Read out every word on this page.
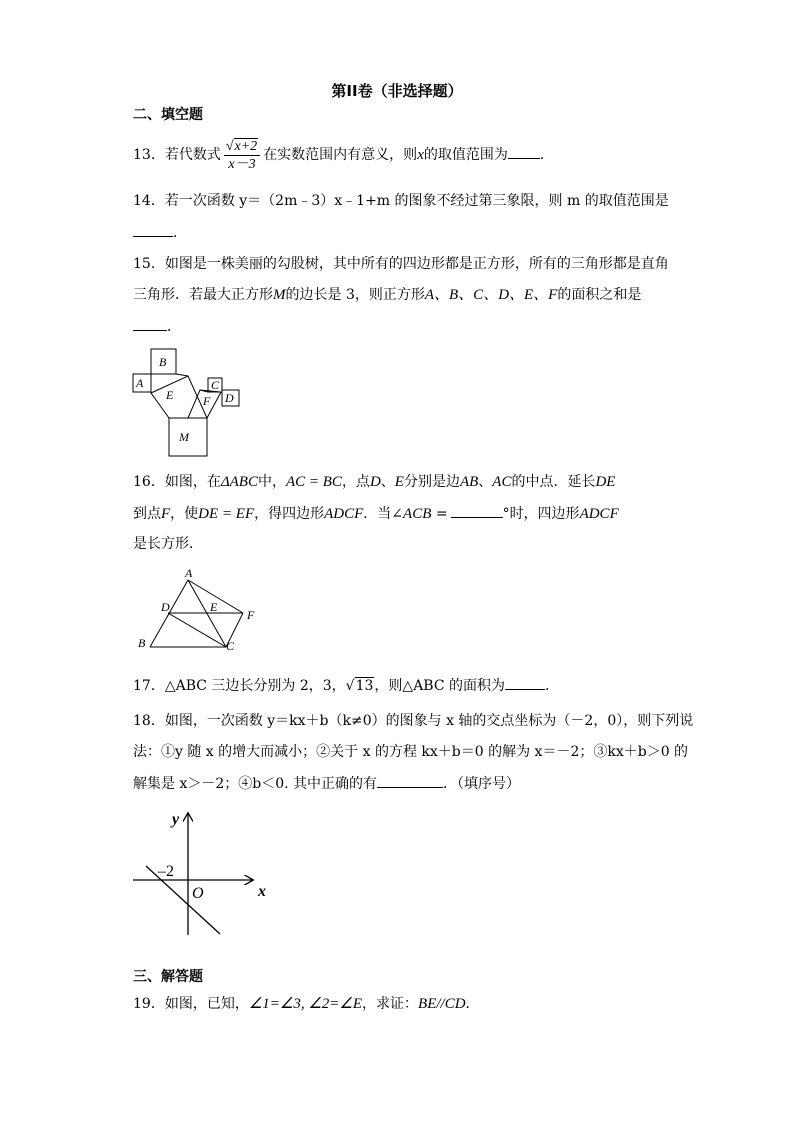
第II卷（非选择题）
二、填空题
13．若代数式 $\frac{√x+2}{x-3}$ 在实数范围内有意义，则x的取值范围为 ．
14．若一次函数 y＝（2m﹣3）x﹣1+m 的图象不经过第三象限，则 m 的取值范围是
．
15．如图是一株美丽的勾股树，其中所有的四边形都是正方形，所有的三角形都是直角
三角形．若最大正方形M的边长是 3，则正方形A、B、C、D、E、F的面积之和是
．
A
B
E
C
F D
M
16．如图，在ΔABC中，AC = BC，点D、E分别是边AB、AC的中点．延长DE
到点F，使DE = EF，得四边形ADCF．当∠ACB =	°时，四边形ADCF
是长方形．
A
D	E
F
B	C
17．△ABC 三边长分别为 2，3，√13，则△ABC 的面积为	．
18．如图，一次函数 y＝kx＋b（k≠0）的图象与 x 轴的交点坐标为（－2，0），则下列说
法：①y 随 x 的增大而减小；②关于 x 的方程 kx＋b＝0 的解为 x＝－2；③kx＋b＞0 的
解集是 x＞－2；④b＜0. 其中正确的有	．（填序号）
y
x
O
–2
三、解答题
19．如图，已知，∠1=∠3, ∠2=∠E，求证：BE//CD．
